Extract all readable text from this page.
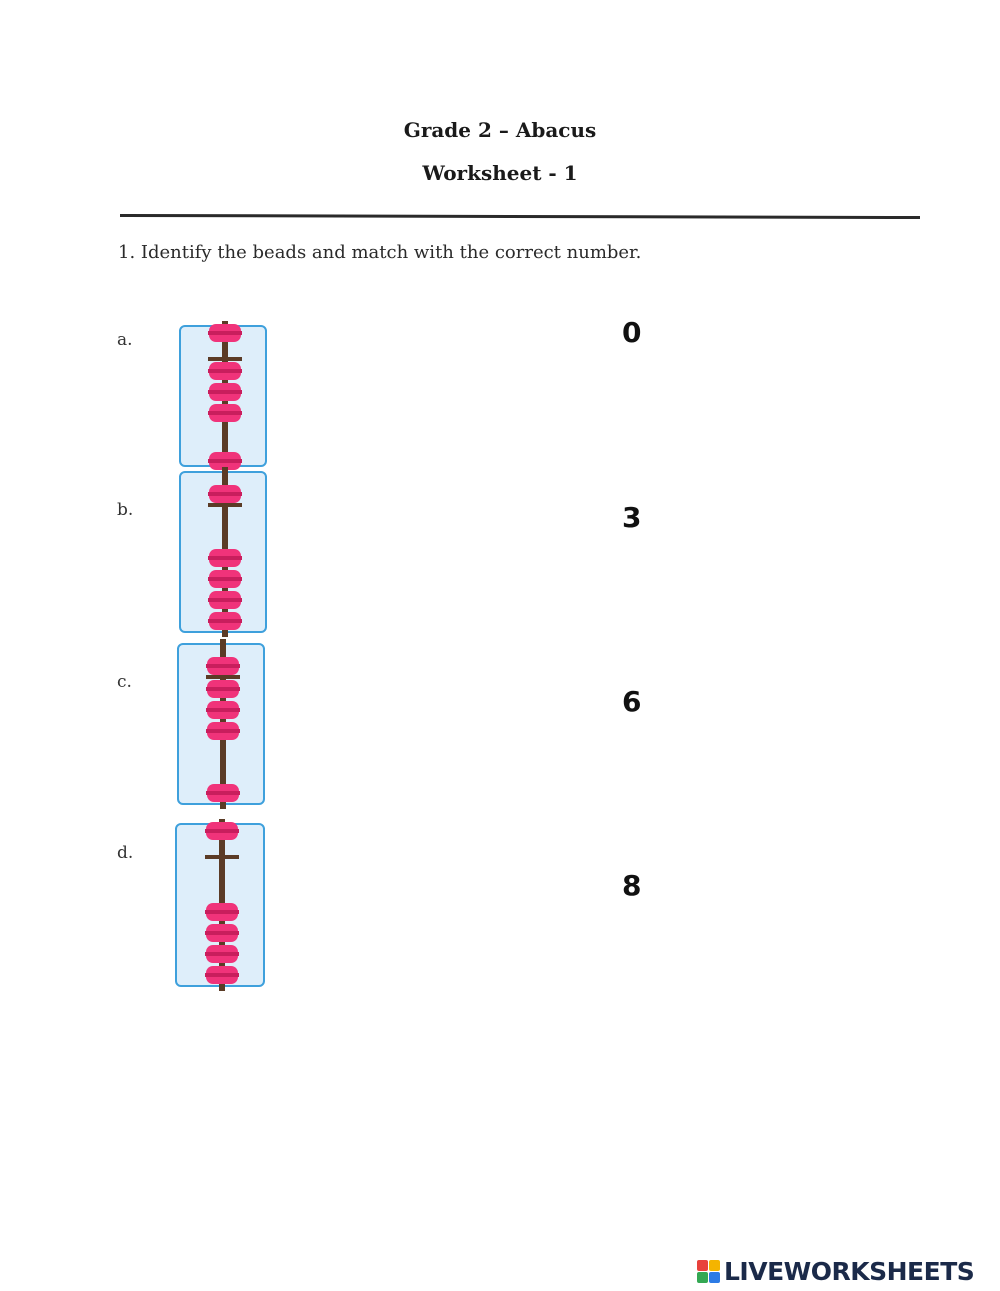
Grade 2 – Abacus
Worksheet - 1
1. Identify the beads and match with the correct number.
a.
b.
c.
d.
0
3
6
8
LIVEWORKSHEETS
